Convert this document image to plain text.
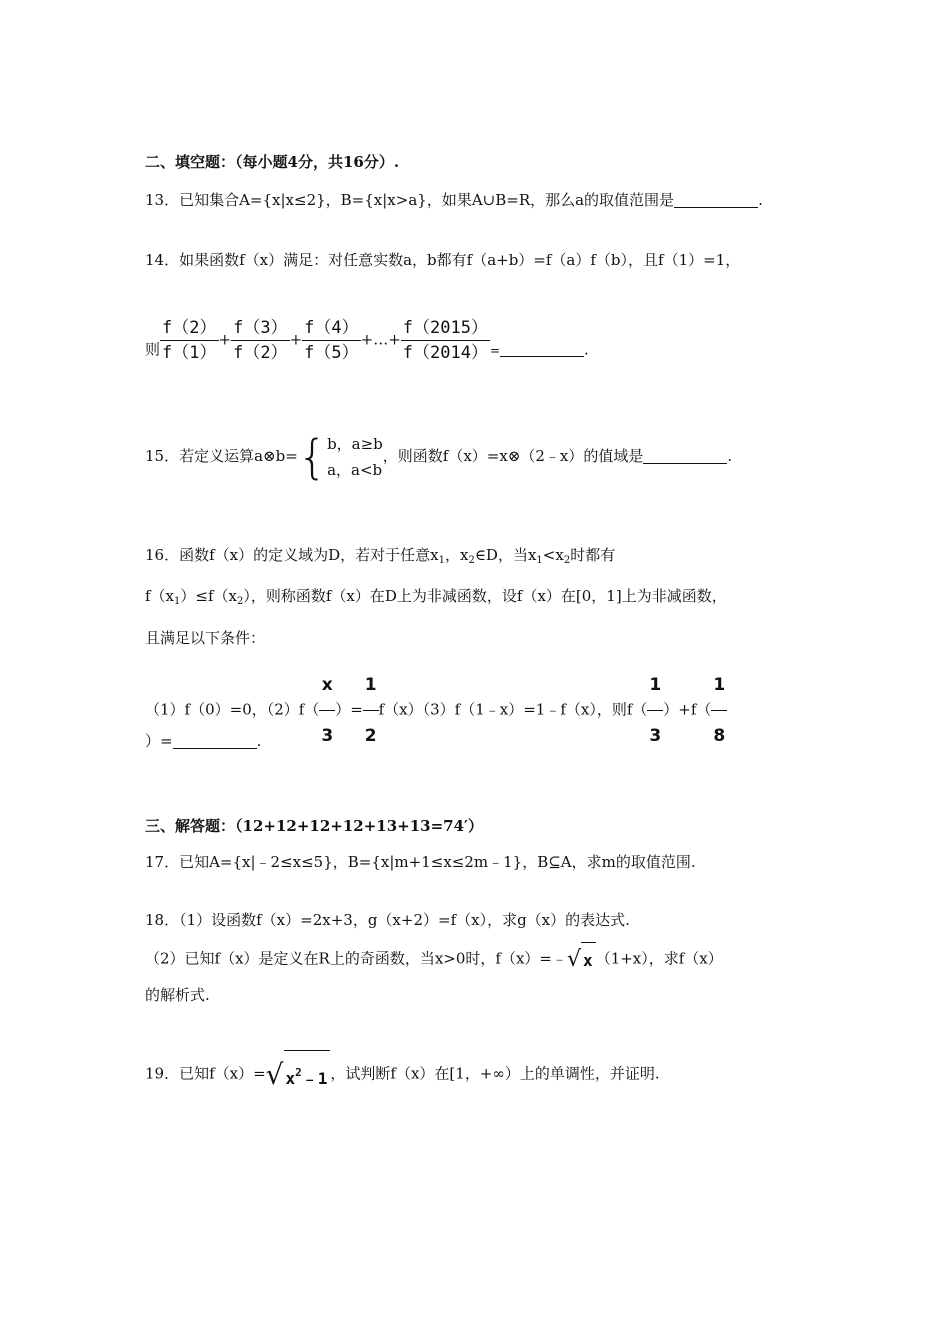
二、填空题：（每小题4分，共16分）.
13．已知集合A={x|x≤2}，B={x|x>a}，如果A∪B=R，那么a的取值范围是	.
14．如果函数f（x）满足：对任意实数a，b都有f（a+b）=f（a）f（b），且f（1）=1，
则 $\frac{f(2)}{f(1)} + \frac{f(3)}{f(2)} + \frac{f(4)}{f(5)}$ +…+ $\frac{f(2015)}{f(2014)} _=$	.
15．若定义运算a⊗b={ b，a≥b
a，a<b
，则函数f（x）=x⊗（2﹣x）的值域是	.
16．函数f（x）的定义域为D，若对于任意$x_1$，$x_2\in D$，当$x_1<x_2$时都有
$f(x_1)\le f(x_2)$，则称函数f（x）在D上为非减函数，设f（x）在[0，1]上为非减函数，
且满足以下条件：
（1）f（0）=0，$(2)f( \frac{x}{3}$ ）= $\frac{1}{2}$ f（x）（3）f（1﹣x）=1﹣f（x），则$f( \frac{1}{3} )+f( \frac{1}{8}$
）=	.
三、解答题：（12+12+12+12+13+13=74′）
17．已知A={x|﹣2≤x≤5}，B={x|m+1≤x≤2m﹣1}，B⊆A，求m的取值范围.
18．（1）设函数f（x）=2x+3，g（x+2）=f（x），求g（x）的表达式.
（2）已知f（x）是定义在R上的奇函数，当x>0时，f（x）=﹣√ x （1+x），求f（x）
的解析式.
19．已知f（x）=√ $x^2﹣1$ ，试判断f（x）在[1，+∞）上的单调性，并证明.
